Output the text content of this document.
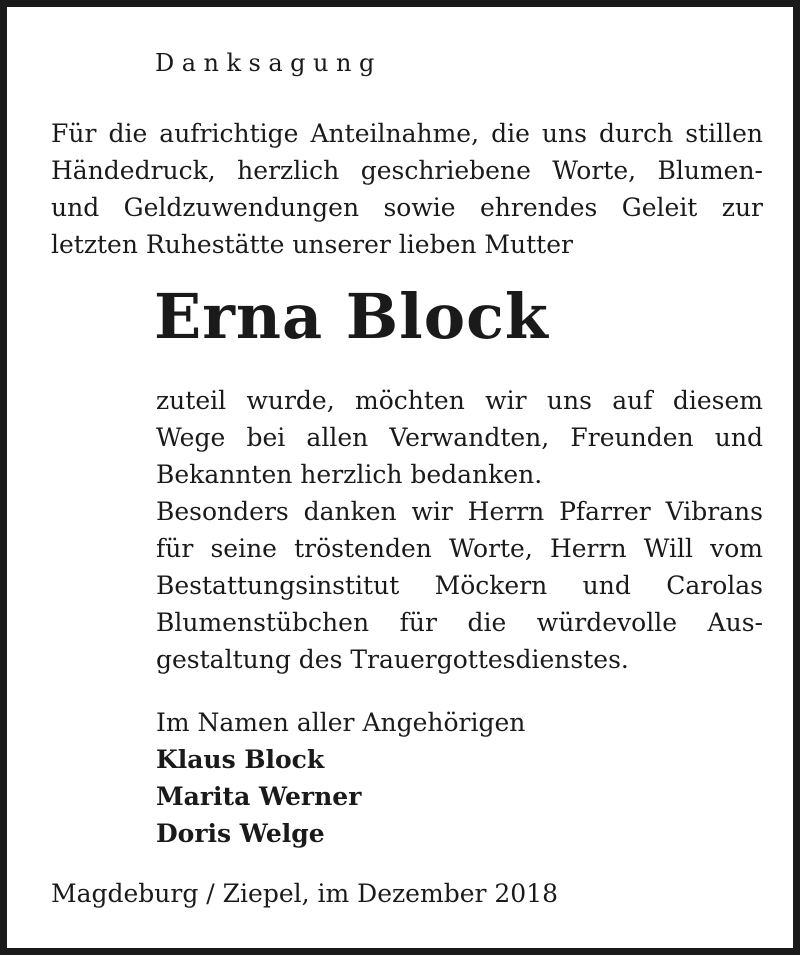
Danksagung

Für die aufrichtige Anteilnahme, die uns durch stillen Händedruck, herzlich geschriebene Worte, Blumen- und Geldzuwendungen sowie ehrendes Geleit zur letzten Ruhestätte unserer lieben Mutter

Erna Block
zuteil wurde, möchten wir uns auf diesem Wege bei allen Verwandten, Freunden und Bekannten herzlich bedanken.
Besonders danken wir Herrn Pfarrer Vibrans für seine tröstenden Worte, Herrn Will vom Bestattungsinstitut Möckern und Carolas Blumenstübchen für die würdevolle Ausgestaltung des Trauergottesdienstes.
Im Namen aller Angehörigen
Klaus Block
Marita Werner
Doris Welge
Magdeburg / Ziepel, im Dezember 2018
